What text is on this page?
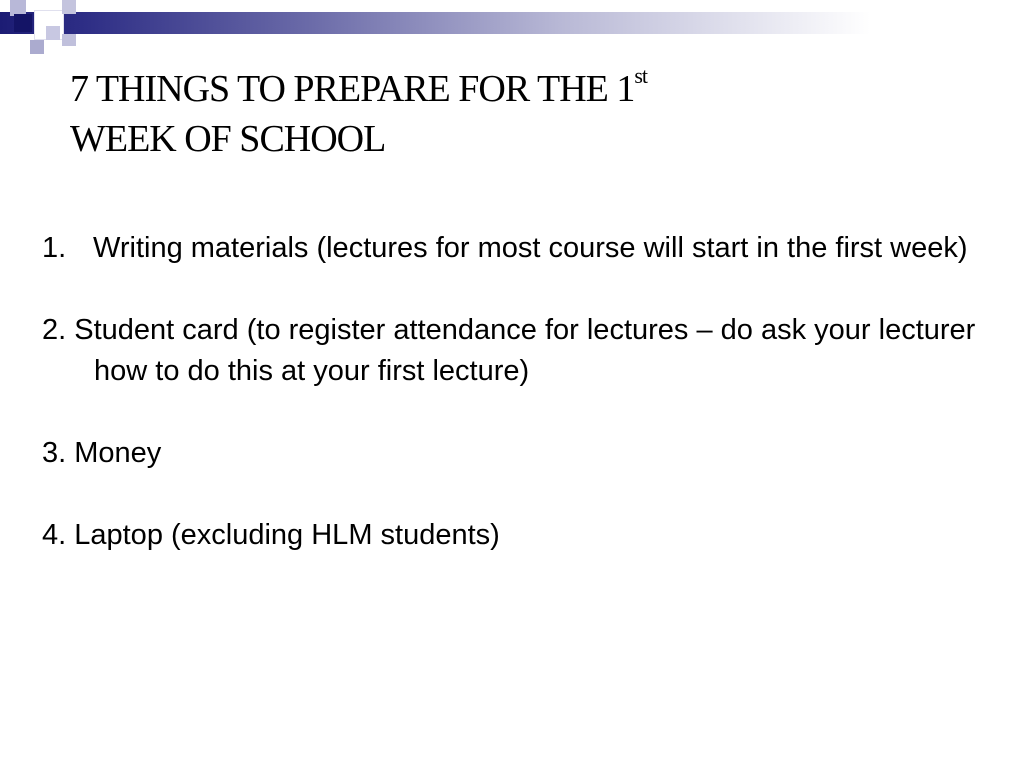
7 THINGS TO PREPARE FOR THE 1st
WEEK OF SCHOOL

1. Writing materials (lectures for most course will start in the first week)

2. Student card (to register attendance for lectures – do ask your lecturer how to do this at your first lecture)

3. Money

4. Laptop (excluding HLM students)
